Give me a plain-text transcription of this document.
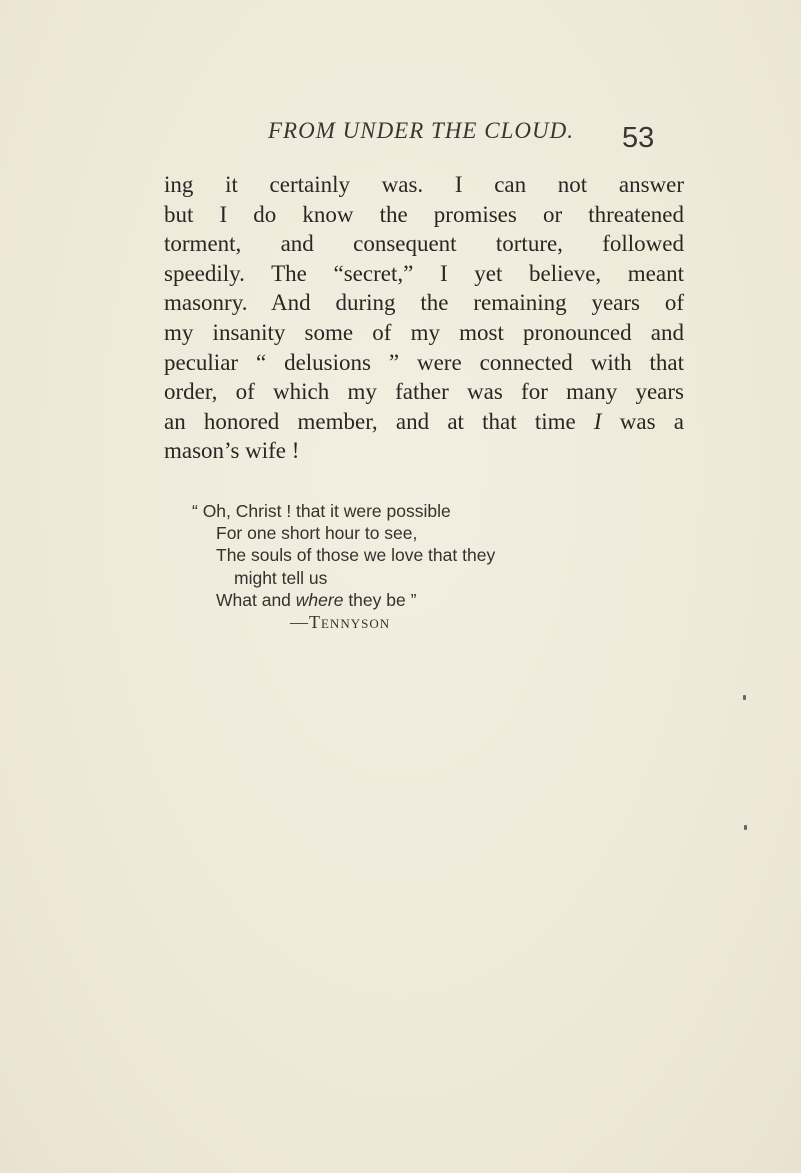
FROM UNDER THE CLOUD. 53
ing it certainly was. I can not answer
but I do know the promises or threatened
torment, and consequent torture, followed
speedily. The “secret,” I yet believe, meant
masonry. And during the remaining years of
my insanity some of my most pronounced and
peculiar “ delusions ” were connected with that
order, of which my father was for many years
an honored member, and at that time I was a
mason’s wife !
“ Oh, Christ ! that it were possible
For one short hour to see,
The souls of those we love that they
might tell us
What and where they be ”
—Tennyson
